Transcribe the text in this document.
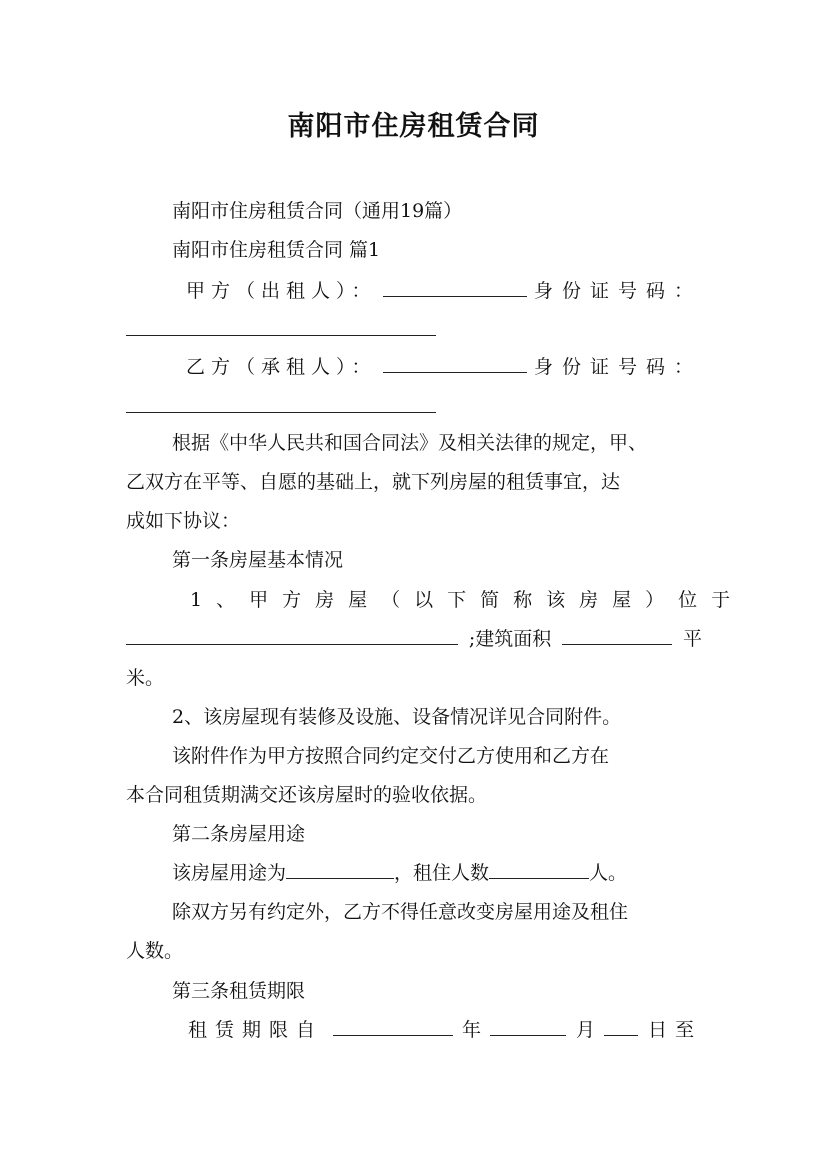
南阳市住房租赁合同
南阳市住房租赁合同（通用19篇）
南阳市住房租赁合同 篇1
甲方（出租人）：	身份证号码：
乙方（承租人）：	身份证号码：
根据《中华人民共和国合同法》及相关法律的规定，甲、
乙双方在平等、自愿的基础上，就下列房屋的租赁事宜，达
成如下协议：
第一条房屋基本情况
1、甲方房屋（以下简称该房屋）位于
;建筑面积	平
米。
2、该房屋现有装修及设施、设备情况详见合同附件。
该附件作为甲方按照合同约定交付乙方使用和乙方在
本合同租赁期满交还该房屋时的验收依据。
第二条房屋用途
该房屋用途为	，租住人数	人。
除双方另有约定外，乙方不得任意改变房屋用途及租住
人数。
第三条租赁期限
租赁期限自	年	月	日至
